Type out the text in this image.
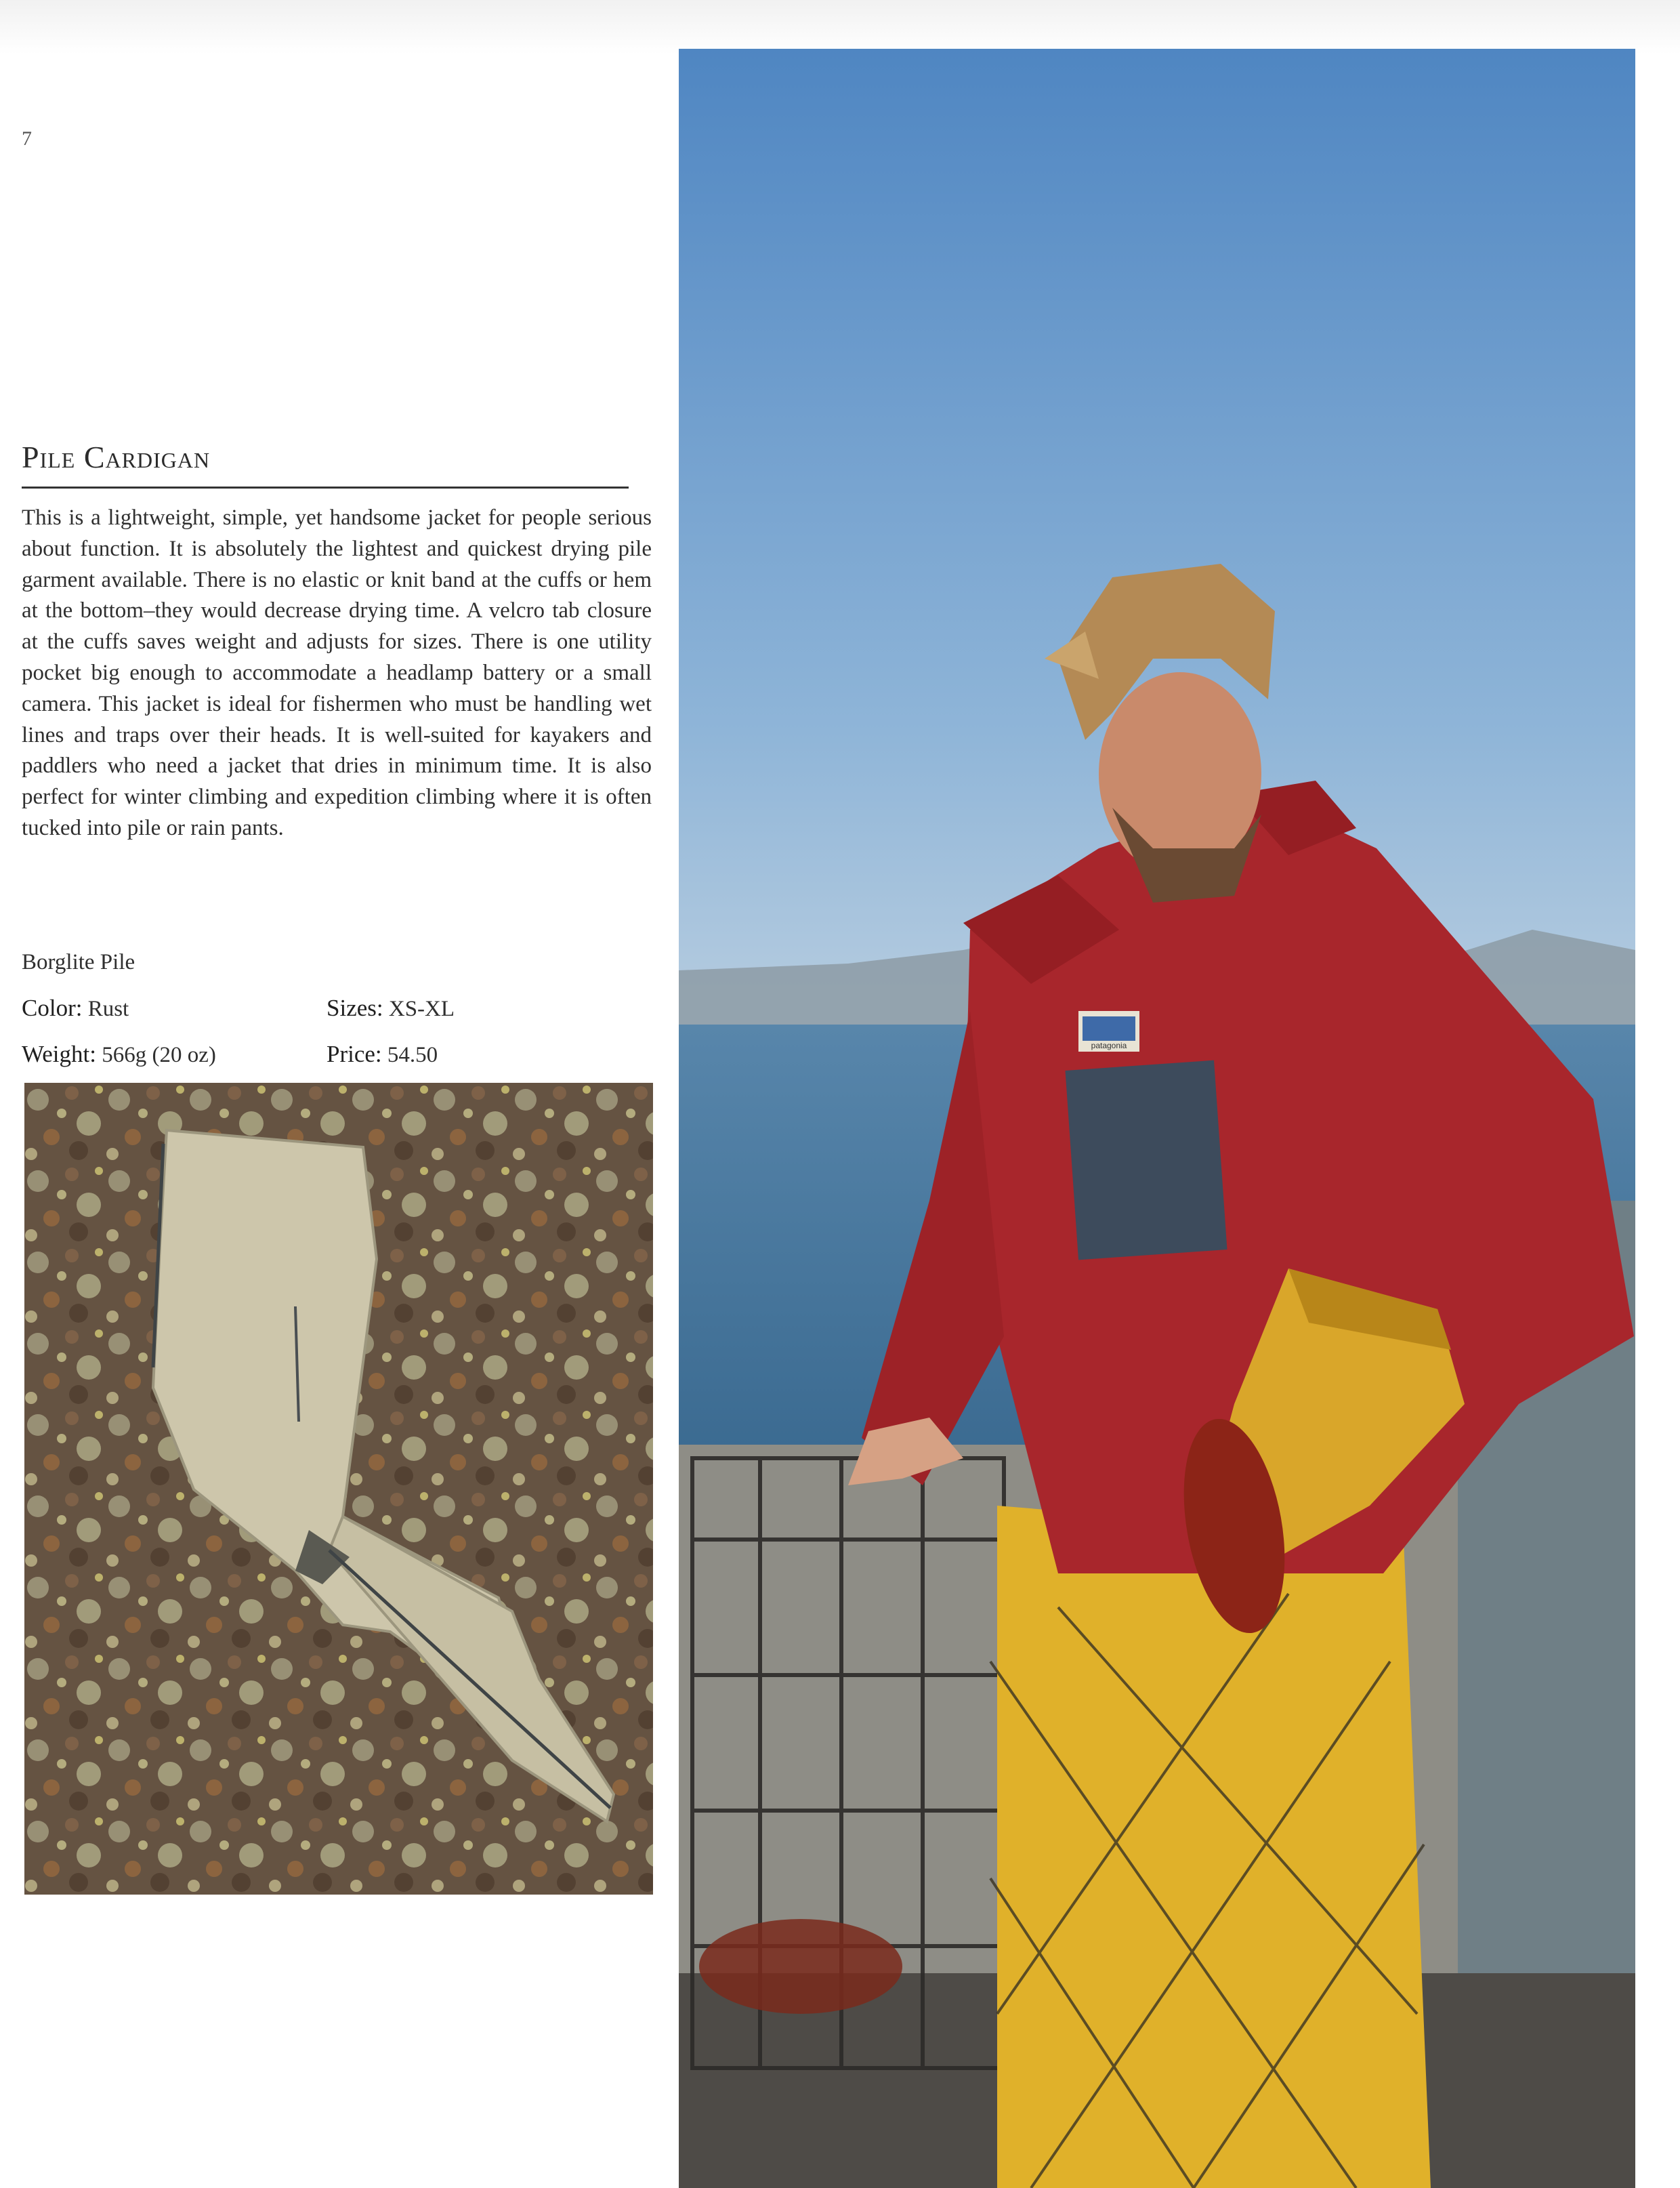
7
Pile Cardigan
This is a lightweight, simple, yet handsome jacket for people serious about function. It is absolutely the lightest and quickest drying pile garment available. There is no elastic or knit band at the cuffs or hem at the bottom–they would decrease drying time. A velcro tab closure at the cuffs saves weight and adjusts for sizes. There is one utility pocket big enough to accommodate a headlamp battery or a small camera. This jacket is ideal for fishermen who must be handling wet lines and traps over their heads. It is well-suited for kayakers and paddlers who need a jacket that dries in minimum time. It is also perfect for winter climbing and expedition climbing where it is often tucked into pile or rain pants.
Borglite Pile
Color: Rust	Sizes: XS-XL
Weight: 566g (20 oz)	Price: 54.50	patagonia
